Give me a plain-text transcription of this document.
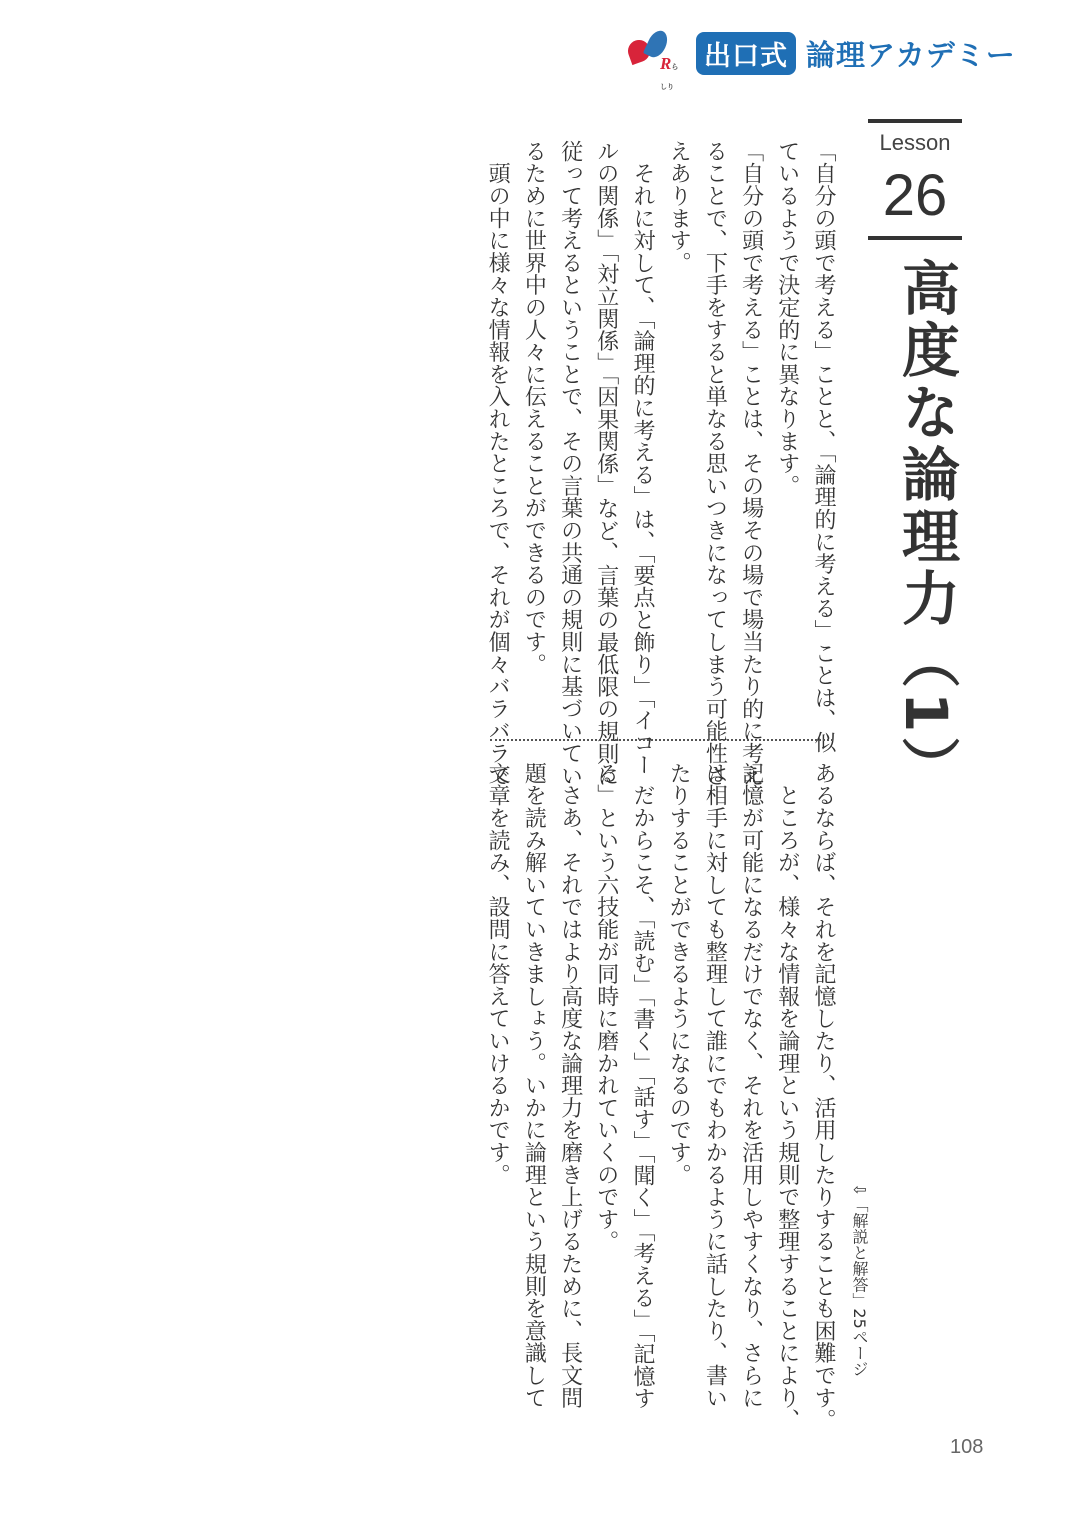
Rらしり
出口式 論理アカデミー
Lesson
26
高度な論理力（1）
「自分の頭で考える」ことと、「論理的に考える」ことは、似
ているようで決定的に異なります。
「自分の頭で考える」ことは、その場その場で場当たり的に考え
ることで、下手をすると単なる思いつきになってしまう可能性さ
えあります。
　それに対して、「論理的に考える」は、「要点と飾り」「イコー
ルの関係」「対立関係」「因果関係」など、言葉の最低限の規則に
従って考えるということで、その言葉の共通の規則に基づいてい
るために世界中の人々に伝えることができるのです。
　頭の中に様々な情報を入れたところで、それが個々バラバラで
あるならば、それを記憶したり、活用したりすることも困難です。
　ところが、様々な情報を論理という規則で整理することにより、
記憶が可能になるだけでなく、それを活用しやすくなり、さらに
は相手に対しても整理して誰にでもわかるように話したり、書い
たりすることができるようになるのです。
　だからこそ、「読む」「書く」「話す」「聞く」「考える」「記憶す
る」という六技能が同時に磨かれていくのです。
　さあ、それではより高度な論理力を磨き上げるために、長文問
題を読み解いていきましょう。いかに論理という規則を意識して
文章を読み、設問に答えていけるかです。
⇩「解説と解答」25ページ
108
